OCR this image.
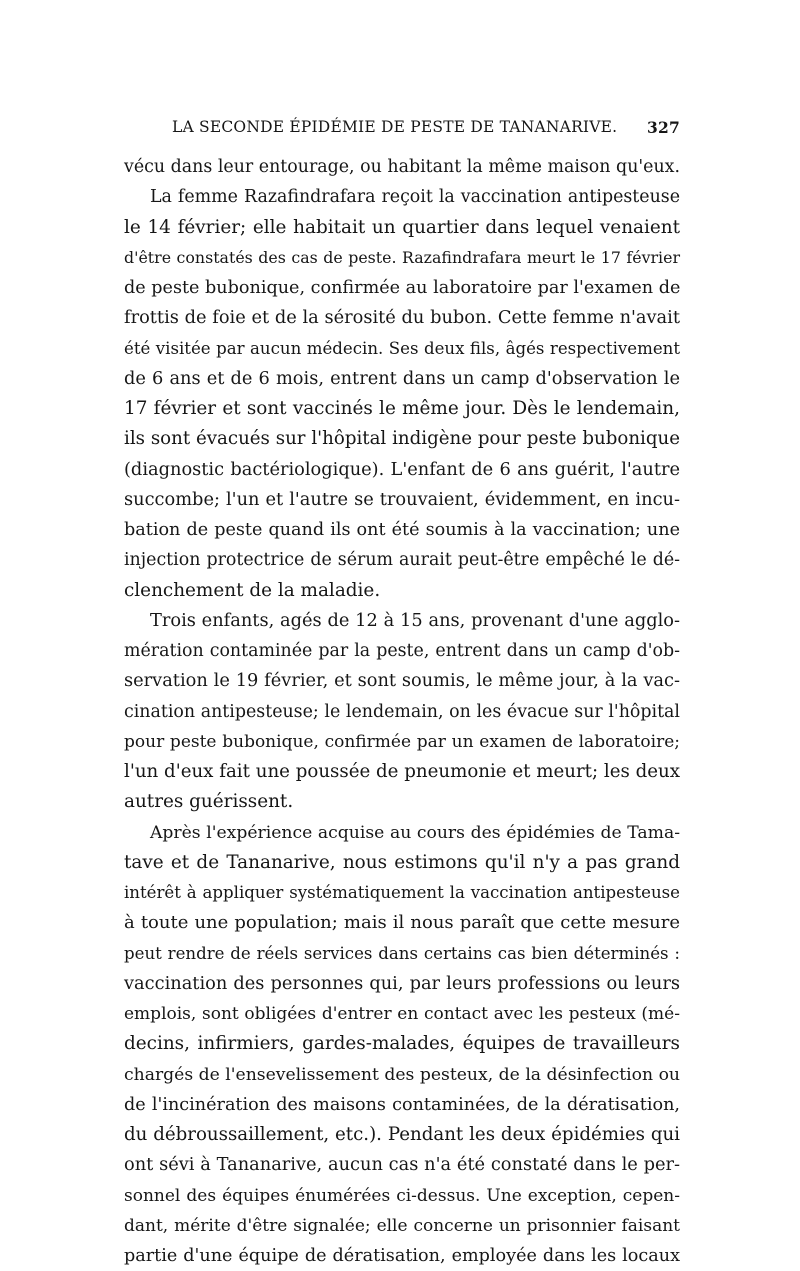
LA SECONDE ÉPIDÉMIE DE PESTE DE TANANARIVE. 327
vécu dans leur entourage, ou habitant la même maison qu'eux.
La femme Razafindrafara reçoit la vaccination antipesteuse
le 14 février; elle habitait un quartier dans lequel venaient
d'être constatés des cas de peste. Razafindrafara meurt le 17 février
de peste bubonique, confirmée au laboratoire par l'examen de
frottis de foie et de la sérosité du bubon. Cette femme n'avait
été visitée par aucun médecin. Ses deux fils, âgés respectivement
de 6 ans et de 6 mois, entrent dans un camp d'observation le
17 février et sont vaccinés le même jour. Dès le lendemain,
ils sont évacués sur l'hôpital indigène pour peste bubonique
(diagnostic bactériologique). L'enfant de 6 ans guérit, l'autre
succombe; l'un et l'autre se trouvaient, évidemment, en incu-
bation de peste quand ils ont été soumis à la vaccination; une
injection protectrice de sérum aurait peut-être empêché le dé-
clenchement de la maladie.
Trois enfants, agés de 12 à 15 ans, provenant d'une agglo-
mération contaminée par la peste, entrent dans un camp d'ob-
servation le 19 février, et sont soumis, le même jour, à la vac-
cination antipesteuse; le lendemain, on les évacue sur l'hôpital
pour peste bubonique, confirmée par un examen de laboratoire;
l'un d'eux fait une poussée de pneumonie et meurt; les deux
autres guérissent.
Après l'expérience acquise au cours des épidémies de Tama-
tave et de Tananarive, nous estimons qu'il n'y a pas grand
intérêt à appliquer systématiquement la vaccination antipesteuse
à toute une population; mais il nous paraît que cette mesure
peut rendre de réels services dans certains cas bien déterminés :
vaccination des personnes qui, par leurs professions ou leurs
emplois, sont obligées d'entrer en contact avec les pesteux (mé-
decins, infirmiers, gardes-malades, équipes de travailleurs
chargés de l'ensevelissement des pesteux, de la désinfection ou
de l'incinération des maisons contaminées, de la dératisation,
du débroussaillement, etc.). Pendant les deux épidémies qui
ont sévi à Tananarive, aucun cas n'a été constaté dans le per-
sonnel des équipes énumérées ci-dessus. Une exception, cepen-
dant, mérite d'être signalée; elle concerne un prisonnier faisant
partie d'une équipe de dératisation, employée dans les locaux
